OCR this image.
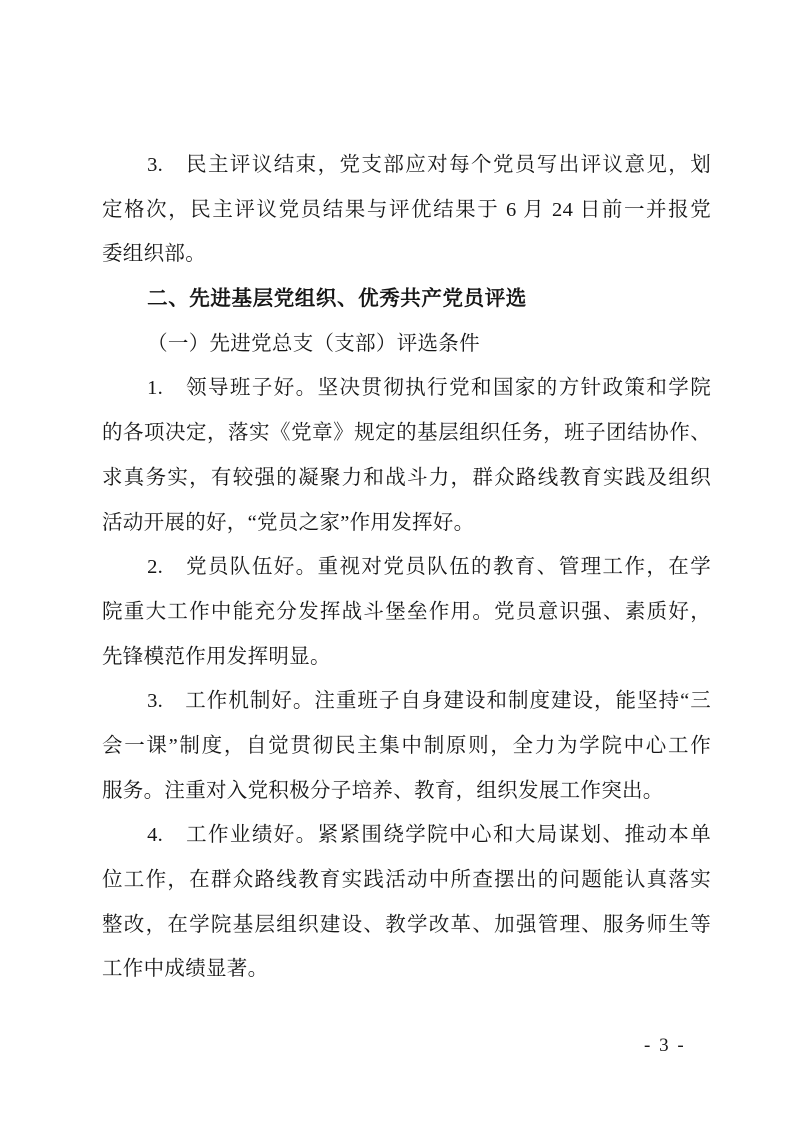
3.　民主评议结束，党支部应对每个党员写出评议意见，划
定格次，民主评议党员结果与评优结果于 6 月 24 日前一并报党
委组织部。
二、先进基层党组织、优秀共产党员评选
（一）先进党总支（支部）评选条件
1.　领导班子好。坚决贯彻执行党和国家的方针政策和学院
的各项决定，落实《党章》规定的基层组织任务，班子团结协作、
求真务实，有较强的凝聚力和战斗力，群众路线教育实践及组织
活动开展的好，“党员之家”作用发挥好。
2.　党员队伍好。重视对党员队伍的教育、管理工作，在学
院重大工作中能充分发挥战斗堡垒作用。党员意识强、素质好，
先锋模范作用发挥明显。
3.　工作机制好。注重班子自身建设和制度建设，能坚持“三
会一课”制度，自觉贯彻民主集中制原则，全力为学院中心工作
服务。注重对入党积极分子培养、教育，组织发展工作突出。
4.　工作业绩好。紧紧围绕学院中心和大局谋划、推动本单
位工作，在群众路线教育实践活动中所查摆出的问题能认真落实
整改，在学院基层组织建设、教学改革、加强管理、服务师生等
工作中成绩显著。
- 3 -
